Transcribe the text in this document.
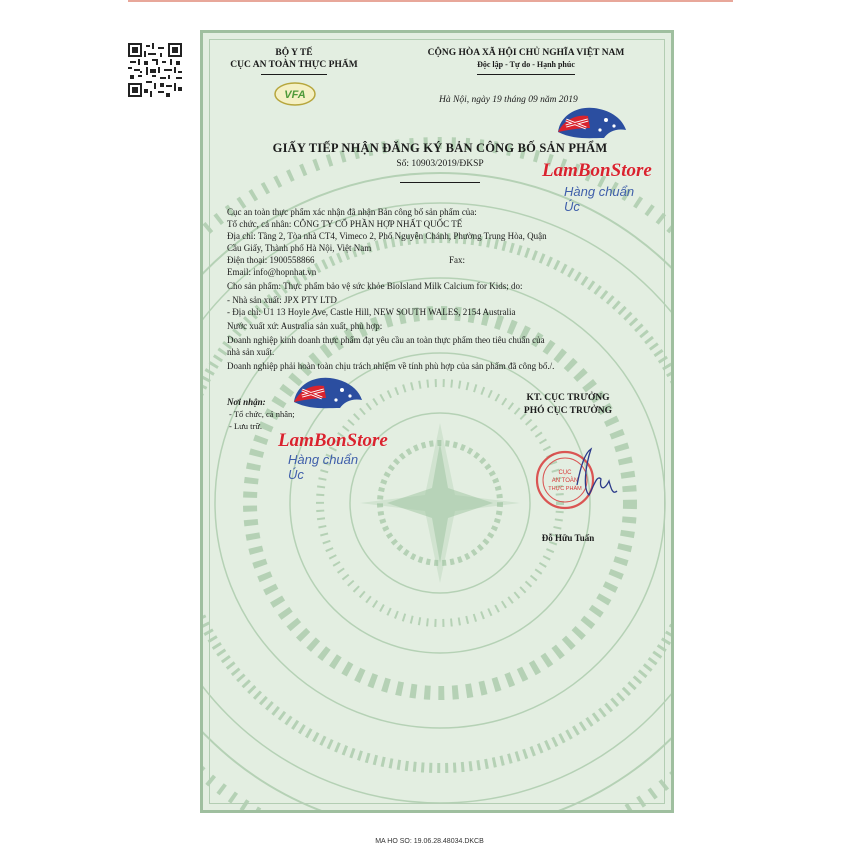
BỘ Y TẾ
CỤC AN TOÀN THỰC PHẨM
VFA
CỘNG HÒA XÃ HỘI CHỦ NGHĨA VIỆT NAM
Độc lập - Tự do - Hạnh phúc
Hà Nội, ngày 19 tháng 09 năm 2019
GIẤY TIẾP NHẬN ĐĂNG KÝ BẢN CÔNG BỐ SẢN PHẨM
Số: 10903/2019/ĐKSP
Cục an toàn thực phẩm xác nhận đã nhận Bản công bố sản phẩm của:
Tổ chức, cá nhân: CÔNG TY CỔ PHẦN HỢP NHẤT QUỐC TẾ
Địa chỉ: Tầng 2, Tòa nhà CT4, Vimeco 2, Phố Nguyễn Chánh, Phường Trung Hòa, Quận
Cầu Giấy, Thành phố Hà Nội, Việt Nam
Điện thoại: 1900558866	Fax:
Email: info@hopnhat.vn
Cho sản phẩm: Thực phẩm bảo vệ sức khỏe BioIsland Milk Calcium for Kids; do:
- Nhà sản xuất: JPX PTY LTD
- Địa chỉ: U1 13 Hoyle Ave, Castle Hill, NEW SOUTH WALES, 2154 Australia
Nước xuất xứ: Australia sản xuất, phù hợp:
Doanh nghiệp kinh doanh thực phẩm đạt yêu cầu an toàn thực phẩm theo tiêu chuẩn của
nhà sản xuất.
Doanh nghiệp phải hoàn toàn chịu trách nhiệm về tính phù hợp của sản phẩm đã công bố./.
Nơi nhận:
- Tổ chức, cá nhân;
- Lưu trữ.
KT. CỤC TRƯỞNG
PHÓ CỤC TRƯỞNG
CỤC
AN TOÀN
THỰC PHẨM
Đỗ Hữu Tuấn
LamBonStore
Hàng chuẩn Úc
LamBonStore
Hàng chuẩn Úc
MA HO SO: 19.06.28.48034.DKCB
